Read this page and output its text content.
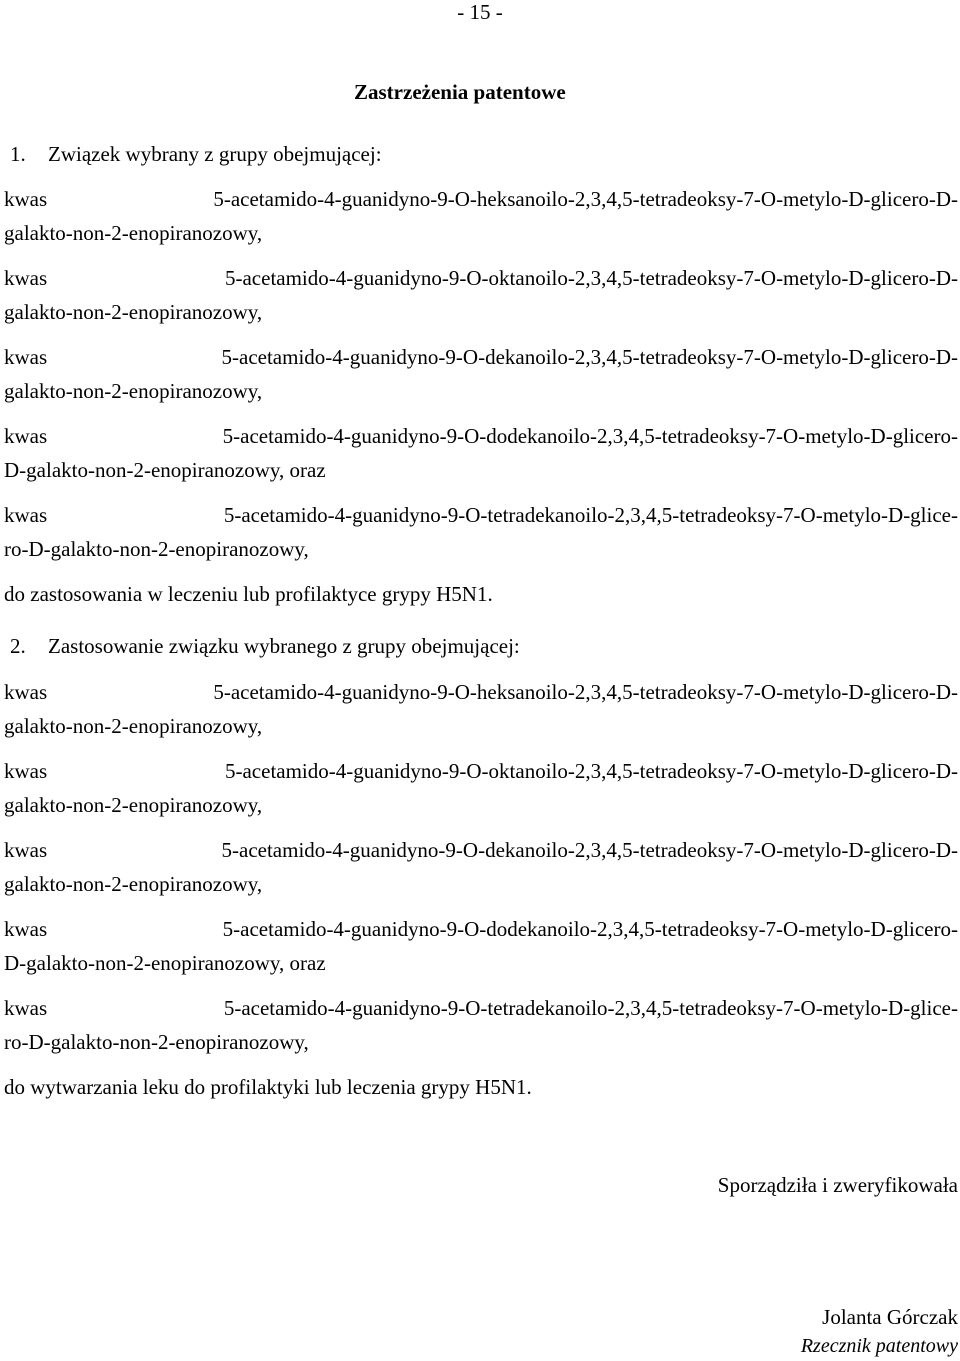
- 15 -
Zastrzeżenia patentowe
1. Związek wybrany z grupy obejmującej:
kwas 5-acetamido-4-guanidyno-9-O-heksanoilo-2,3,4,5-tetradeoksy-7-O-metylo-D-glicero-D-
galakto-non-2-enopiranozowy,
kwas 5-acetamido-4-guanidyno-9-O-oktanoilo-2,3,4,5-tetradeoksy-7-O-metylo-D-glicero-D-
galakto-non-2-enopiranozowy,
kwas 5-acetamido-4-guanidyno-9-O-dekanoilo-2,3,4,5-tetradeoksy-7-O-metylo-D-glicero-D-
galakto-non-2-enopiranozowy,
kwas 5-acetamido-4-guanidyno-9-O-dodekanoilo-2,3,4,5-tetradeoksy-7-O-metylo-D-glicero-
D-galakto-non-2-enopiranozowy, oraz
kwas 5-acetamido-4-guanidyno-9-O-tetradekanoilo-2,3,4,5-tetradeoksy-7-O-metylo-D-glice-
ro-D-galakto-non-2-enopiranozowy,
do zastosowania w leczeniu lub profilaktyce grypy H5N1.
2. Zastosowanie związku wybranego z grupy obejmującej:
kwas 5-acetamido-4-guanidyno-9-O-heksanoilo-2,3,4,5-tetradeoksy-7-O-metylo-D-glicero-D-
galakto-non-2-enopiranozowy,
kwas 5-acetamido-4-guanidyno-9-O-oktanoilo-2,3,4,5-tetradeoksy-7-O-metylo-D-glicero-D-
galakto-non-2-enopiranozowy,
kwas 5-acetamido-4-guanidyno-9-O-dekanoilo-2,3,4,5-tetradeoksy-7-O-metylo-D-glicero-D-
galakto-non-2-enopiranozowy,
kwas 5-acetamido-4-guanidyno-9-O-dodekanoilo-2,3,4,5-tetradeoksy-7-O-metylo-D-glicero-
D-galakto-non-2-enopiranozowy, oraz
kwas 5-acetamido-4-guanidyno-9-O-tetradekanoilo-2,3,4,5-tetradeoksy-7-O-metylo-D-glice-
ro-D-galakto-non-2-enopiranozowy,
do wytwarzania leku do profilaktyki lub leczenia grypy H5N1.
Sporządziła i zweryfikowała
Jolanta Górczak
Rzecznik patentowy
